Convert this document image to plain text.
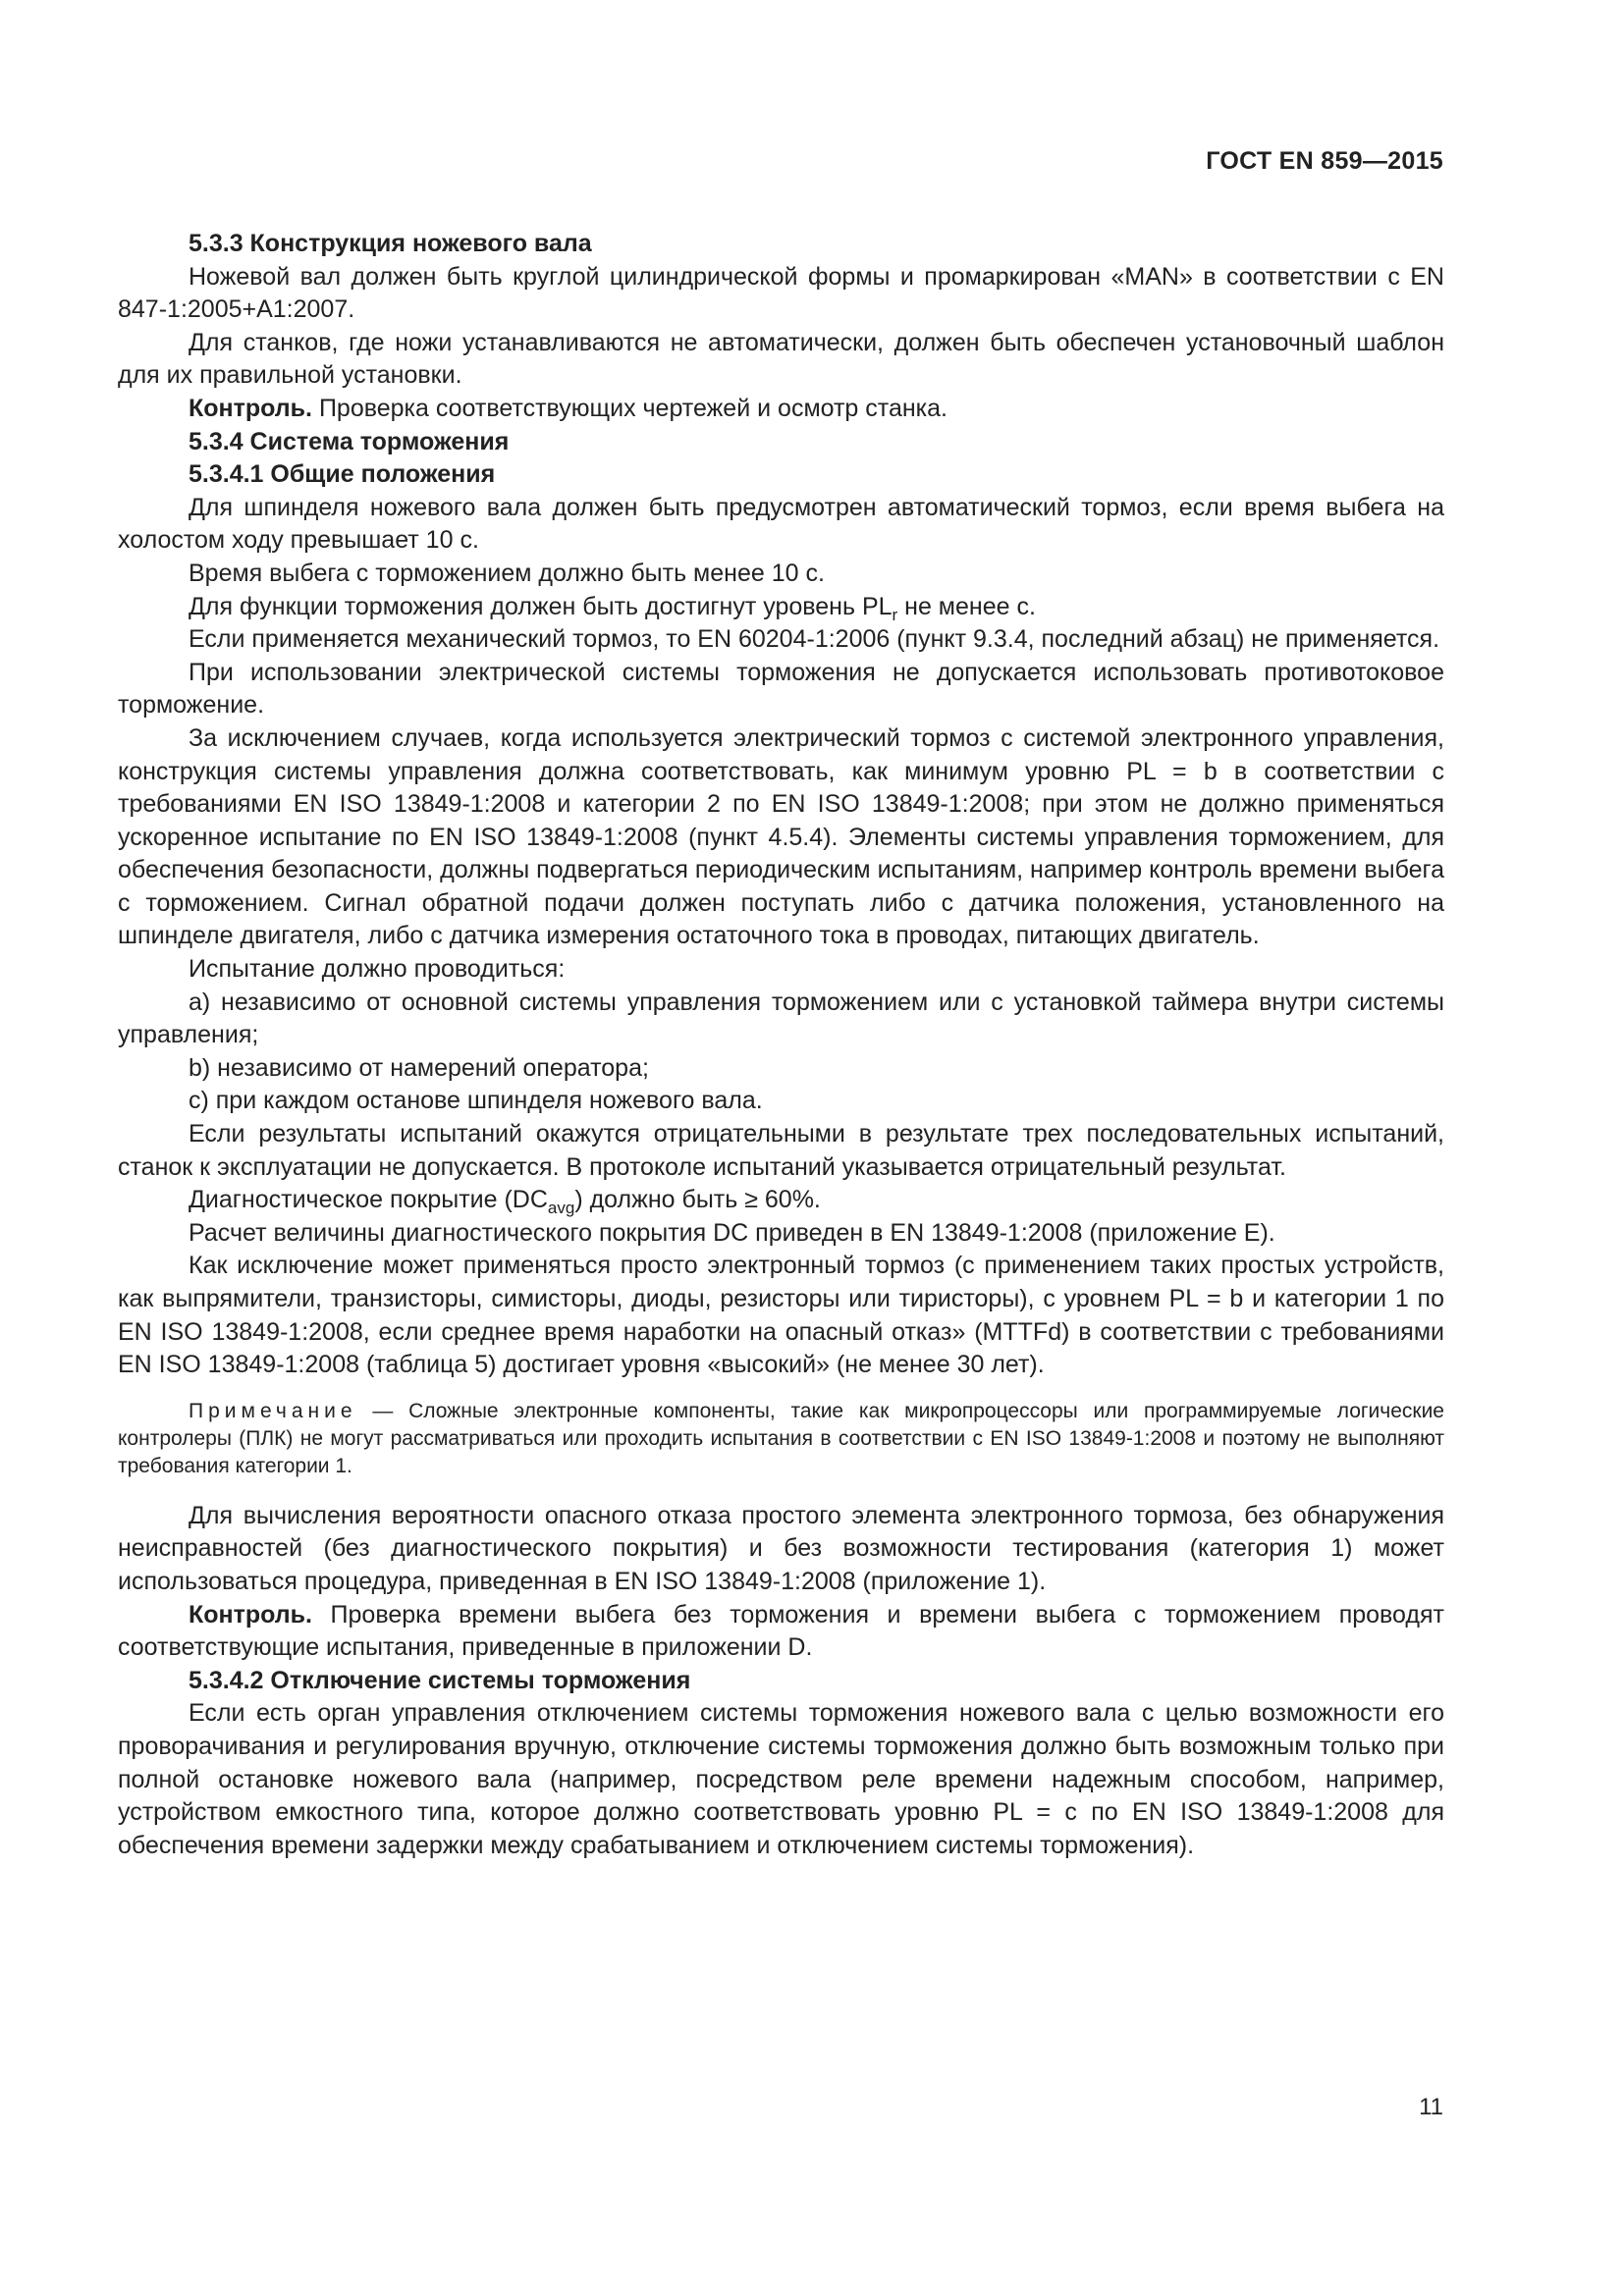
ГОСТ EN 859—2015

5.3.3 Конструкция ножевого вала

Ножевой вал должен быть круглой цилиндрической формы и промаркирован «MAN» в соответствии с EN 847-1:2005+A1:2007.

Для станков, где ножи устанавливаются не автоматически, должен быть обеспечен установочный шаблон для их правильной установки.

Контроль. Проверка соответствующих чертежей и осмотр станка.

5.3.4 Система торможения

5.3.4.1 Общие положения

Для шпинделя ножевого вала должен быть предусмотрен автоматический тормоз, если время выбега на холостом ходу превышает 10 с.

Время выбега с торможением должно быть менее 10 с.

Для функции торможения должен быть достигнут уровень $PL_r$ не менее с.

Если применяется механический тормоз, то EN 60204-1:2006 (пункт 9.3.4, последний абзац) не применяется.

При использовании электрической системы торможения не допускается использовать противотоковое торможение.

За исключением случаев, когда используется электрический тормоз с системой электронного управления, конструкция системы управления должна соответствовать, как минимум уровню PL = b в соответствии с требованиями EN ISO 13849-1:2008 и категории 2 по EN ISO 13849-1:2008; при этом не должно применяться ускоренное испытание по EN ISO 13849-1:2008 (пункт 4.5.4). Элементы системы управления торможением, для обеспечения безопасности, должны подвергаться периодическим испытаниям, например контроль времени выбега с торможением. Сигнал обратной подачи должен поступать либо с датчика положения, установленного на шпинделе двигателя, либо с датчика измерения остаточного тока в проводах, питающих двигатель.

Испытание должно проводиться:

a) независимо от основной системы управления торможением или с установкой таймера внутри системы управления;

b) независимо от намерений оператора;

c) при каждом останове шпинделя ножевого вала.

Если результаты испытаний окажутся отрицательными в результате трех последовательных испытаний, станок к эксплуатации не допускается. В протоколе испытаний указывается отрицательный результат.

Диагностическое покрытие $(DC_{avg})$ должно быть ≥ 60%.

Расчет величины диагностического покрытия DC приведен в EN 13849-1:2008 (приложение E).

Как исключение может применяться просто электронный тормоз (с применением таких простых устройств, как выпрямители, транзисторы, симисторы, диоды, резисторы или тиристоры), с уровнем PL = b и категории 1 по EN ISO 13849-1:2008, если среднее время наработки на опасный отказ» (MTTFd) в соответствии с требованиями EN ISO 13849-1:2008 (таблица 5) достигает уровня «высокий» (не менее 30 лет).

Примечание — Сложные электронные компоненты, такие как микропроцессоры или программируемые логические контролеры (ПЛК) не могут рассматриваться или проходить испытания в соответствии с EN ISO 13849-1:2008 и поэтому не выполняют требования категории 1.

Для вычисления вероятности опасного отказа простого элемента электронного тормоза, без обнаружения неисправностей (без диагностического покрытия) и без возможности тестирования (категория 1) может использоваться процедура, приведенная в EN ISO 13849-1:2008 (приложение 1).

Контроль. Проверка времени выбега без торможения и времени выбега с торможением проводят соответствующие испытания, приведенные в приложении D.

5.3.4.2 Отключение системы торможения

Если есть орган управления отключением системы торможения ножевого вала с целью возможности его проворачивания и регулирования вручную, отключение системы торможения должно быть возможным только при полной остановке ножевого вала (например, посредством реле времени надежным способом, например, устройством емкостного типа, которое должно соответствовать уровню PL = c по EN ISO 13849-1:2008 для обеспечения времени задержки между срабатыванием и отключением системы торможения).

11
